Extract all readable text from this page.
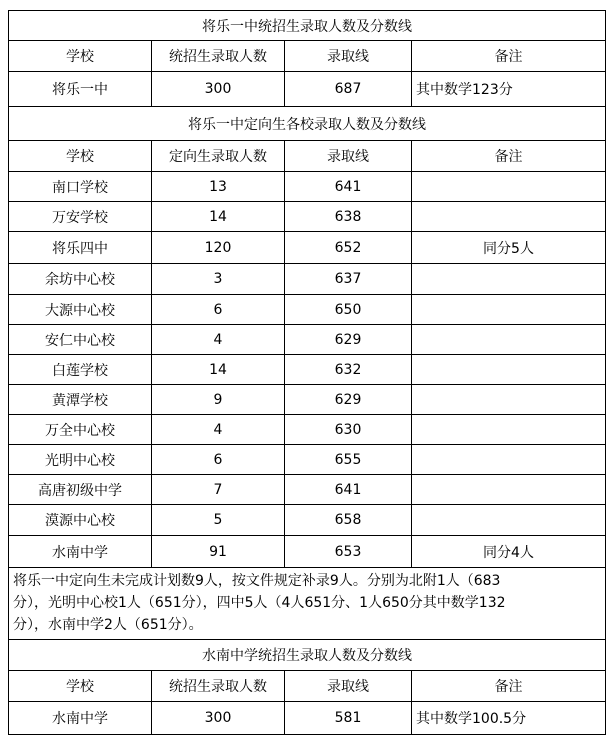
将乐一中统招生录取人数及分数线
学校	统招生录取人数	录取线	备注
将乐一中	300	687	其中数学123分
将乐一中定向生各校录取人数及分数线
学校	定向生录取人数	录取线	备注
南口学校	13	641
万安学校	14	638
将乐四中	120	652	同分5人
余坊中心校	3	637
大源中心校	6	650
安仁中心校	4	629
白莲学校	14	632
黄潭学校	9	629
万全中心校	4	630
光明中心校	6	655
高唐初级中学	7	641
漠源中心校	5	658
水南中学	91	653	同分4人
将乐一中定向生未完成计划数9人，按文件规定补录9人。分别为北附1人（683
分），光明中心校1人（651分），四中5人（4人651分、1人650分其中数学132
分），水南中学2人（651分）。
水南中学统招生录取人数及分数线
学校	统招生录取人数	录取线	备注
水南中学	300	581	其中数学100.5分
